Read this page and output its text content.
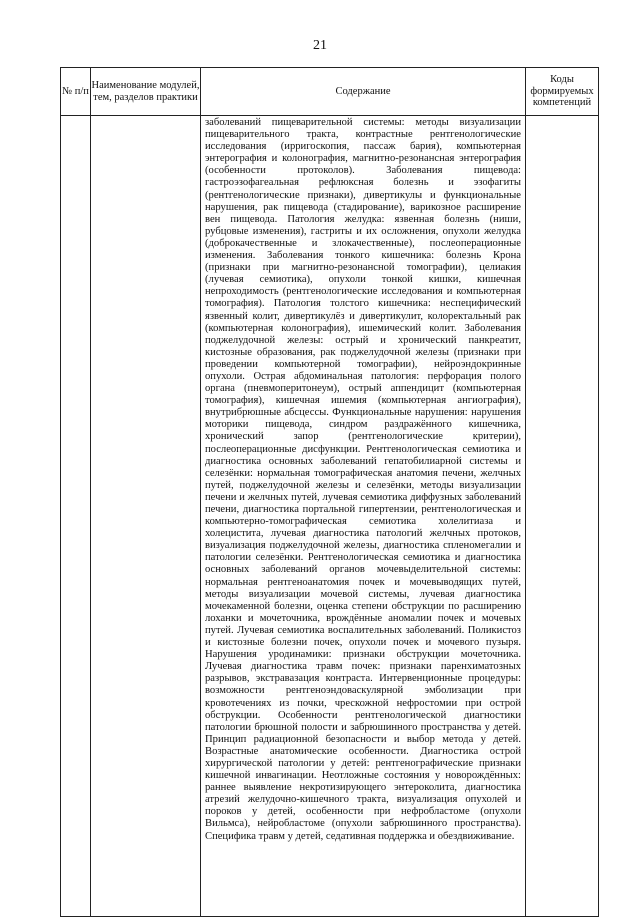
21
№ п/п	Наименование модулей, тем, разделов практики	Содержание	Коды формируемых компетенций

		заболеваний пищеварительной системы: методы визуализации пищеварительного тракта, контрастные рентгенологические исследования (ирригоскопия, пассаж бария), компьютерная энтерография и колонография, магнитно-резонансная энтерография (особенности протоколов). Заболевания пищевода: гастроэзофагеальная рефлюксная болезнь и эзофагиты (рентгенологические признаки), дивертикулы и функциональные нарушения, рак пищевода (стадирование), варикозное расширение вен пищевода. Патология желудка: язвенная болезнь (ниши, рубцовые изменения), гастриты и их осложнения, опухоли желудка (доброкачественные и злокачественные), послеоперационные изменения. Заболевания тонкого кишечника: болезнь Крона (признаки при магнитно-резонансной томографии), целиакия (лучевая семиотика), опухоли тонкой кишки, кишечная непроходимость (рентгенологические исследования и компьютерная томография). Патология толстого кишечника: неспецифический язвенный колит, дивертикулёз и дивертикулит, колоректальный рак (компьютерная колонография), ишемический колит. Заболевания поджелудочной железы: острый и хронический панкреатит, кистозные образования, рак поджелудочной железы (признаки при проведении компьютерной томографии), нейроэндокринные опухоли. Острая абдоминальная патология: перфорация полого органа (пневмоперитонеум), острый аппендицит (компьютерная томография), кишечная ишемия (компьютерная ангиография), внутрибрюшные абсцессы. Функциональные нарушения: нарушения моторики пищевода, синдром раздражённого кишечника, хронический запор (рентгенологические критерии), послеоперационные дисфункции. Рентгенологическая семиотика и диагностика основных заболеваний гепатобилиарной системы и селезёнки: нормальная томографическая анатомия печени, желчных путей, поджелудочной железы и селезёнки, методы визуализации печени и желчных путей, лучевая семиотика диффузных заболеваний печени, диагностика портальной гипертензии, рентгенологическая и компьютерно-томографическая семиотика холелитиаза и холецистита, лучевая диагностика патологий желчных протоков, визуализация поджелудочной железы, диагностика спленомегалии и патологии селезёнки. Рентгенологическая семиотика и диагностика основных заболеваний органов мочевыделительной системы: нормальная рентгеноанатомия почек и мочевыводящих путей, методы визуализации мочевой системы, лучевая диагностика мочекаменной болезни, оценка степени обструкции по расширению лоханки и мочеточника, врождённые аномалии почек и мочевых путей. Лучевая семиотика воспалительных заболеваний. Поликистоз и кистозные болезни почек, опухоли почек и мочевого пузыря. Нарушения уродинамики: признаки обструкции мочеточника. Лучевая диагностика травм почек: признаки паренхиматозных разрывов, экстравазация контраста. Интервенционные процедуры: возможности рентгеноэндоваскулярной эмболизации при кровотечениях из почки, чрескожной нефростомии при острой обструкции. Особенности рентгенологической диагностики патологии брюшной полости и забрюшинного пространства у детей. Принцип радиационной безопасности и выбор метода у детей. Возрастные анатомические особенности. Диагностика острой хирургической патологии у детей: рентгенографические признаки кишечной инвагинации. Неотложные состояния у новорождённых: раннее выявление некротизирующего энтероколита, диагностика атрезий желудочно-кишечного тракта, визуализация опухолей и пороков у детей, особенности при нефробластоме (опухоли Вильмса), нейробластоме (опухоли забрюшинного пространства). Специфика травм у детей, седативная поддержка и обездвиживание.	
